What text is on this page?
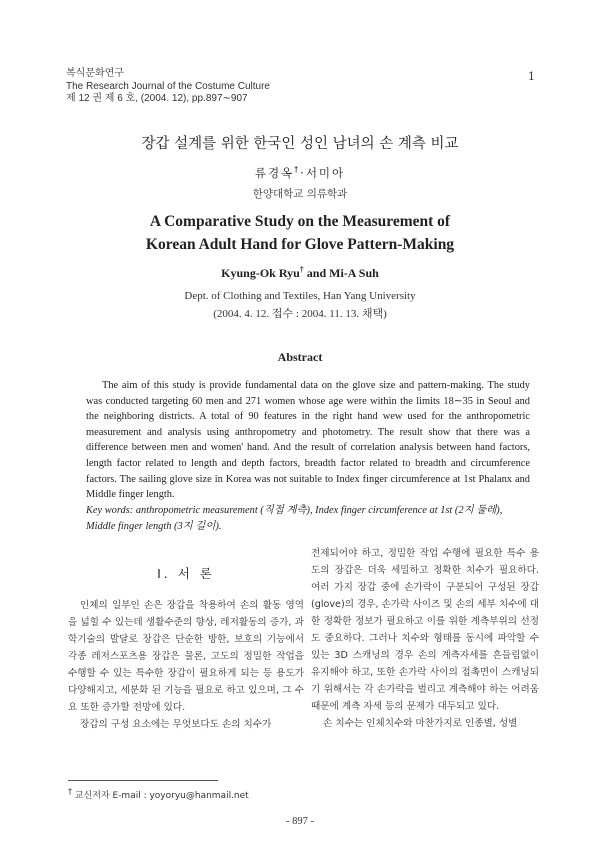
복식문화연구
The Research Journal of the Costume Culture
제 12 권 제 6 호, (2004. 12), pp.897∼907
1
장갑 설계를 위한 한국인 성인 남녀의 손 계측 비교
류경옥†·서미아
한양대학교 의류학과
A Comparative Study on the Measurement of
Korean Adult Hand for Glove Pattern-Making
Kyung-Ok Ryu† and Mi-A Suh
Dept. of Clothing and Textiles, Han Yang University
(2004. 4. 12. 접수 : 2004. 11. 13. 채택)
Abstract
The aim of this study is provide fundamental data on the glove size and pattern-making. The study was conducted targeting 60 men and 271 women whose age were within the limits 18∼35 in Seoul and the neighboring districts. A total of 90 features in the right hand wew used for the anthropometric measurement and analysis using anthropometry and photometry. The result show that there was a difference between men and women' hand. And the result of correlation analysis between hand factors, length factor related to length and depth factors, breadth factor related to breadth and circumference factors. The sailing glove size in Korea was not suitable to Index finger circumference at 1st Phalanx and Middle finger length.
Key words: anthropometric measurement (직접 계측), Index finger circumference at 1st (2지 둘레), Middle finger length (3지 길이).
Ⅰ. 서 론

인체의 일부인 손은 장갑을 착용하여 손의 활동 영역을 넓힐 수 있는데 생활수준의 향상, 레저활동의 증가, 과학기술의 발달로 장갑은 단순한 방한, 보호의 기능에서 각종 레저스포츠용 장갑은 물론, 고도의 정밀한 작업을 수행할 수 있는 특수한 장갑이 필요하게 되는 등 용도가 다양해지고, 세분화 된 기능을 필요로 하고 있으며, 그 수요 또한 증가할 전망에 있다.

장갑의 구성 요소에는 무엇보다도 손의 치수가

전제되어야 하고, 정밀한 작업 수행에 필요한 특수 용도의 장갑은 더욱 세밀하고 정확한 치수가 필요하다. 여러 가지 장갑 중에 손가락이 구분되어 구성된 장갑(glove)의 경우, 손가락 사이즈 및 손의 세부 치수에 대한 정확한 정보가 필요하고 이를 위한 계측부위의 선정도 중요하다. 그러나 치수와 형태를 동시에 파악할 수 있는 3D 스캐닝의 경우 손의 계측자세를 흔들림없이 유지해야 하고, 또한 손가락 사이의 접촉면이 스캐닝되기 위해서는 각 손가락을 벌리고 계측해야 하는 어려움때문에 계측 자세 등의 문제가 대두되고 있다.

손 치수는 인체치수와 마찬가지로 인종별, 성별

† 교신저자 E-mail : yoyoryu@hanmail.net
- 897 -
